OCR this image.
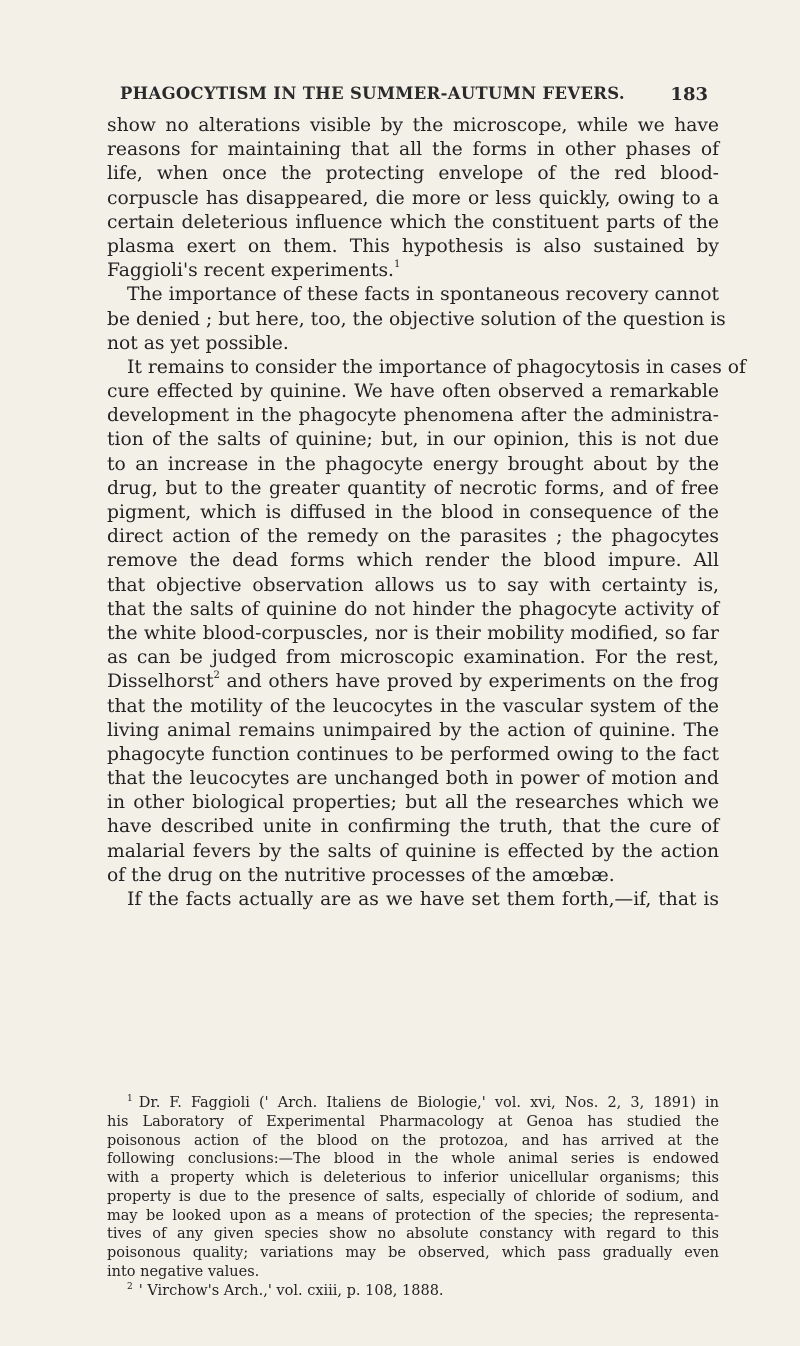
PHAGOCYTISM IN THE SUMMER-AUTUMN FEVERS.	183
show no alterations visible by the microscope, while we have
reasons for maintaining that all the forms in other phases of
life, when once the protecting envelope of the red blood-
corpuscle has disappeared, die more or less quickly, owing to a
certain deleterious influence which the constituent parts of the
plasma exert on them. This hypothesis is also sustained by
Faggioli's recent experiments.$^1$
The importance of these facts in spontaneous recovery cannot
be denied ; but here, too, the objective solution of the question is
not as yet possible.
It remains to consider the importance of phagocytosis in cases of
cure effected by quinine. We have often observed a remarkable
development in the phagocyte phenomena after the administra-
tion of the salts of quinine; but, in our opinion, this is not due
to an increase in the phagocyte energy brought about by the
drug, but to the greater quantity of necrotic forms, and of free
pigment, which is diffused in the blood in consequence of the
direct action of the remedy on the parasites ; the phagocytes
remove the dead forms which render the blood impure. All
that objective observation allows us to say with certainty is,
that the salts of quinine do not hinder the phagocyte activity of
the white blood-corpuscles, nor is their mobility modified, so far
as can be judged from microscopic examination. For the rest,
Disselhorst$^2$ and others have proved by experiments on the frog
that the motility of the leucocytes in the vascular system of the
living animal remains unimpaired by the action of quinine. The
phagocyte function continues to be performed owing to the fact
that the leucocytes are unchanged both in power of motion and
in other biological properties; but all the researches which we
have described unite in confirming the truth, that the cure of
malarial fevers by the salts of quinine is effected by the action
of the drug on the nutritive processes of the amœbæ.
If the facts actually are as we have set them forth,—if, that is
$^1$ Dr. F. Faggioli (' Arch. Italiens de Biologie,' vol. xvi, Nos. 2, 3, 1891) in
his Laboratory of Experimental Pharmacology at Genoa has studied the
poisonous action of the blood on the protozoa, and has arrived at the
following conclusions:—The blood in the whole animal series is endowed
with a property which is deleterious to inferior unicellular organisms; this
property is due to the presence of salts, especially of chloride of sodium, and
may be looked upon as a means of protection of the species; the representa-
tives of any given species show no absolute constancy with regard to this
poisonous quality; variations may be observed, which pass gradually even
into negative values.
$^2$ ' Virchow's Arch.,' vol. cxiii, p. 108, 1888.
